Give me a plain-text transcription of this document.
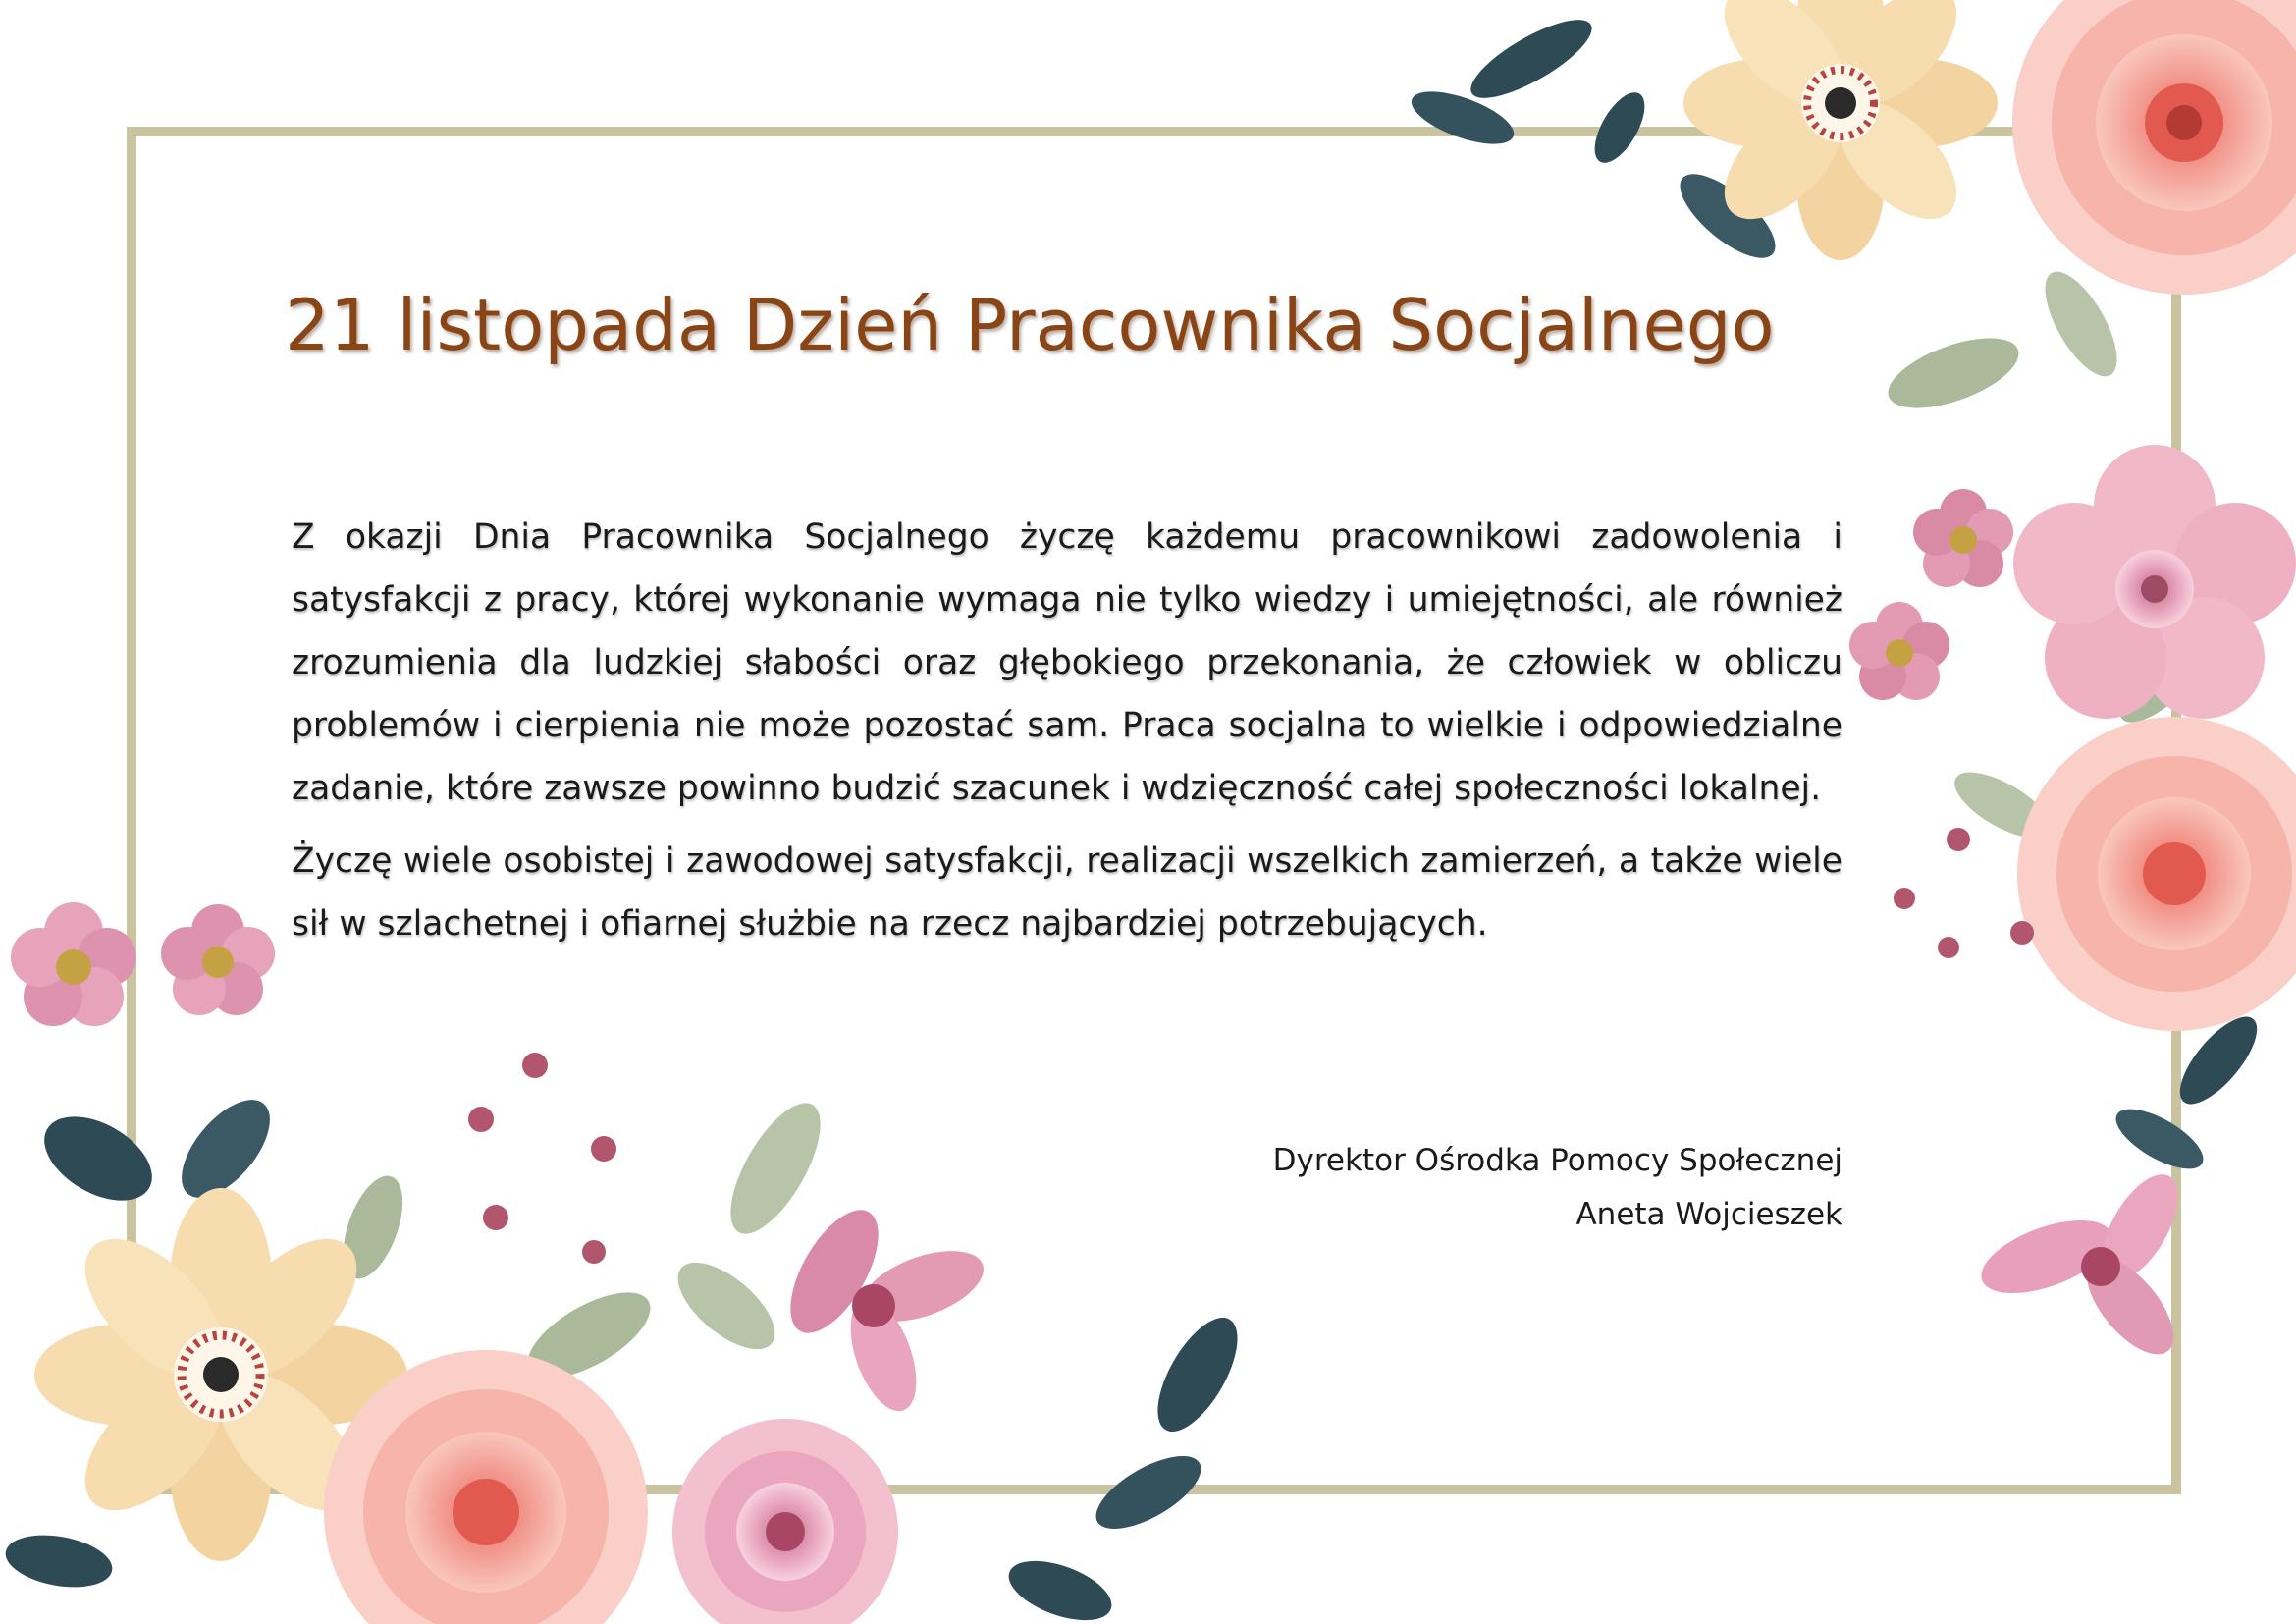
21 listopada Dzień Pracownika Socjalnego

Z okazji Dnia Pracownika Socjalnego życzę każdemu pracownikowi zadowolenia i satysfakcji z pracy, której wykonanie wymaga nie tylko wiedzy i umiejętności, ale również zrozumienia dla ludzkiej słabości oraz głębokiego przekonania, że człowiek w obliczu problemów i cierpienia nie może pozostać sam. Praca socjalna to wielkie i odpowiedzialne zadanie, które zawsze powinno budzić szacunek i wdzięczność całej społeczności lokalnej.

Życzę wiele osobistej i zawodowej satysfakcji, realizacji wszelkich zamierzeń, a także wiele sił w szlachetnej i ofiarnej służbie na rzecz najbardziej potrzebujących.

Dyrektor Ośrodka Pomocy Społecznej
Aneta Wojcieszek
